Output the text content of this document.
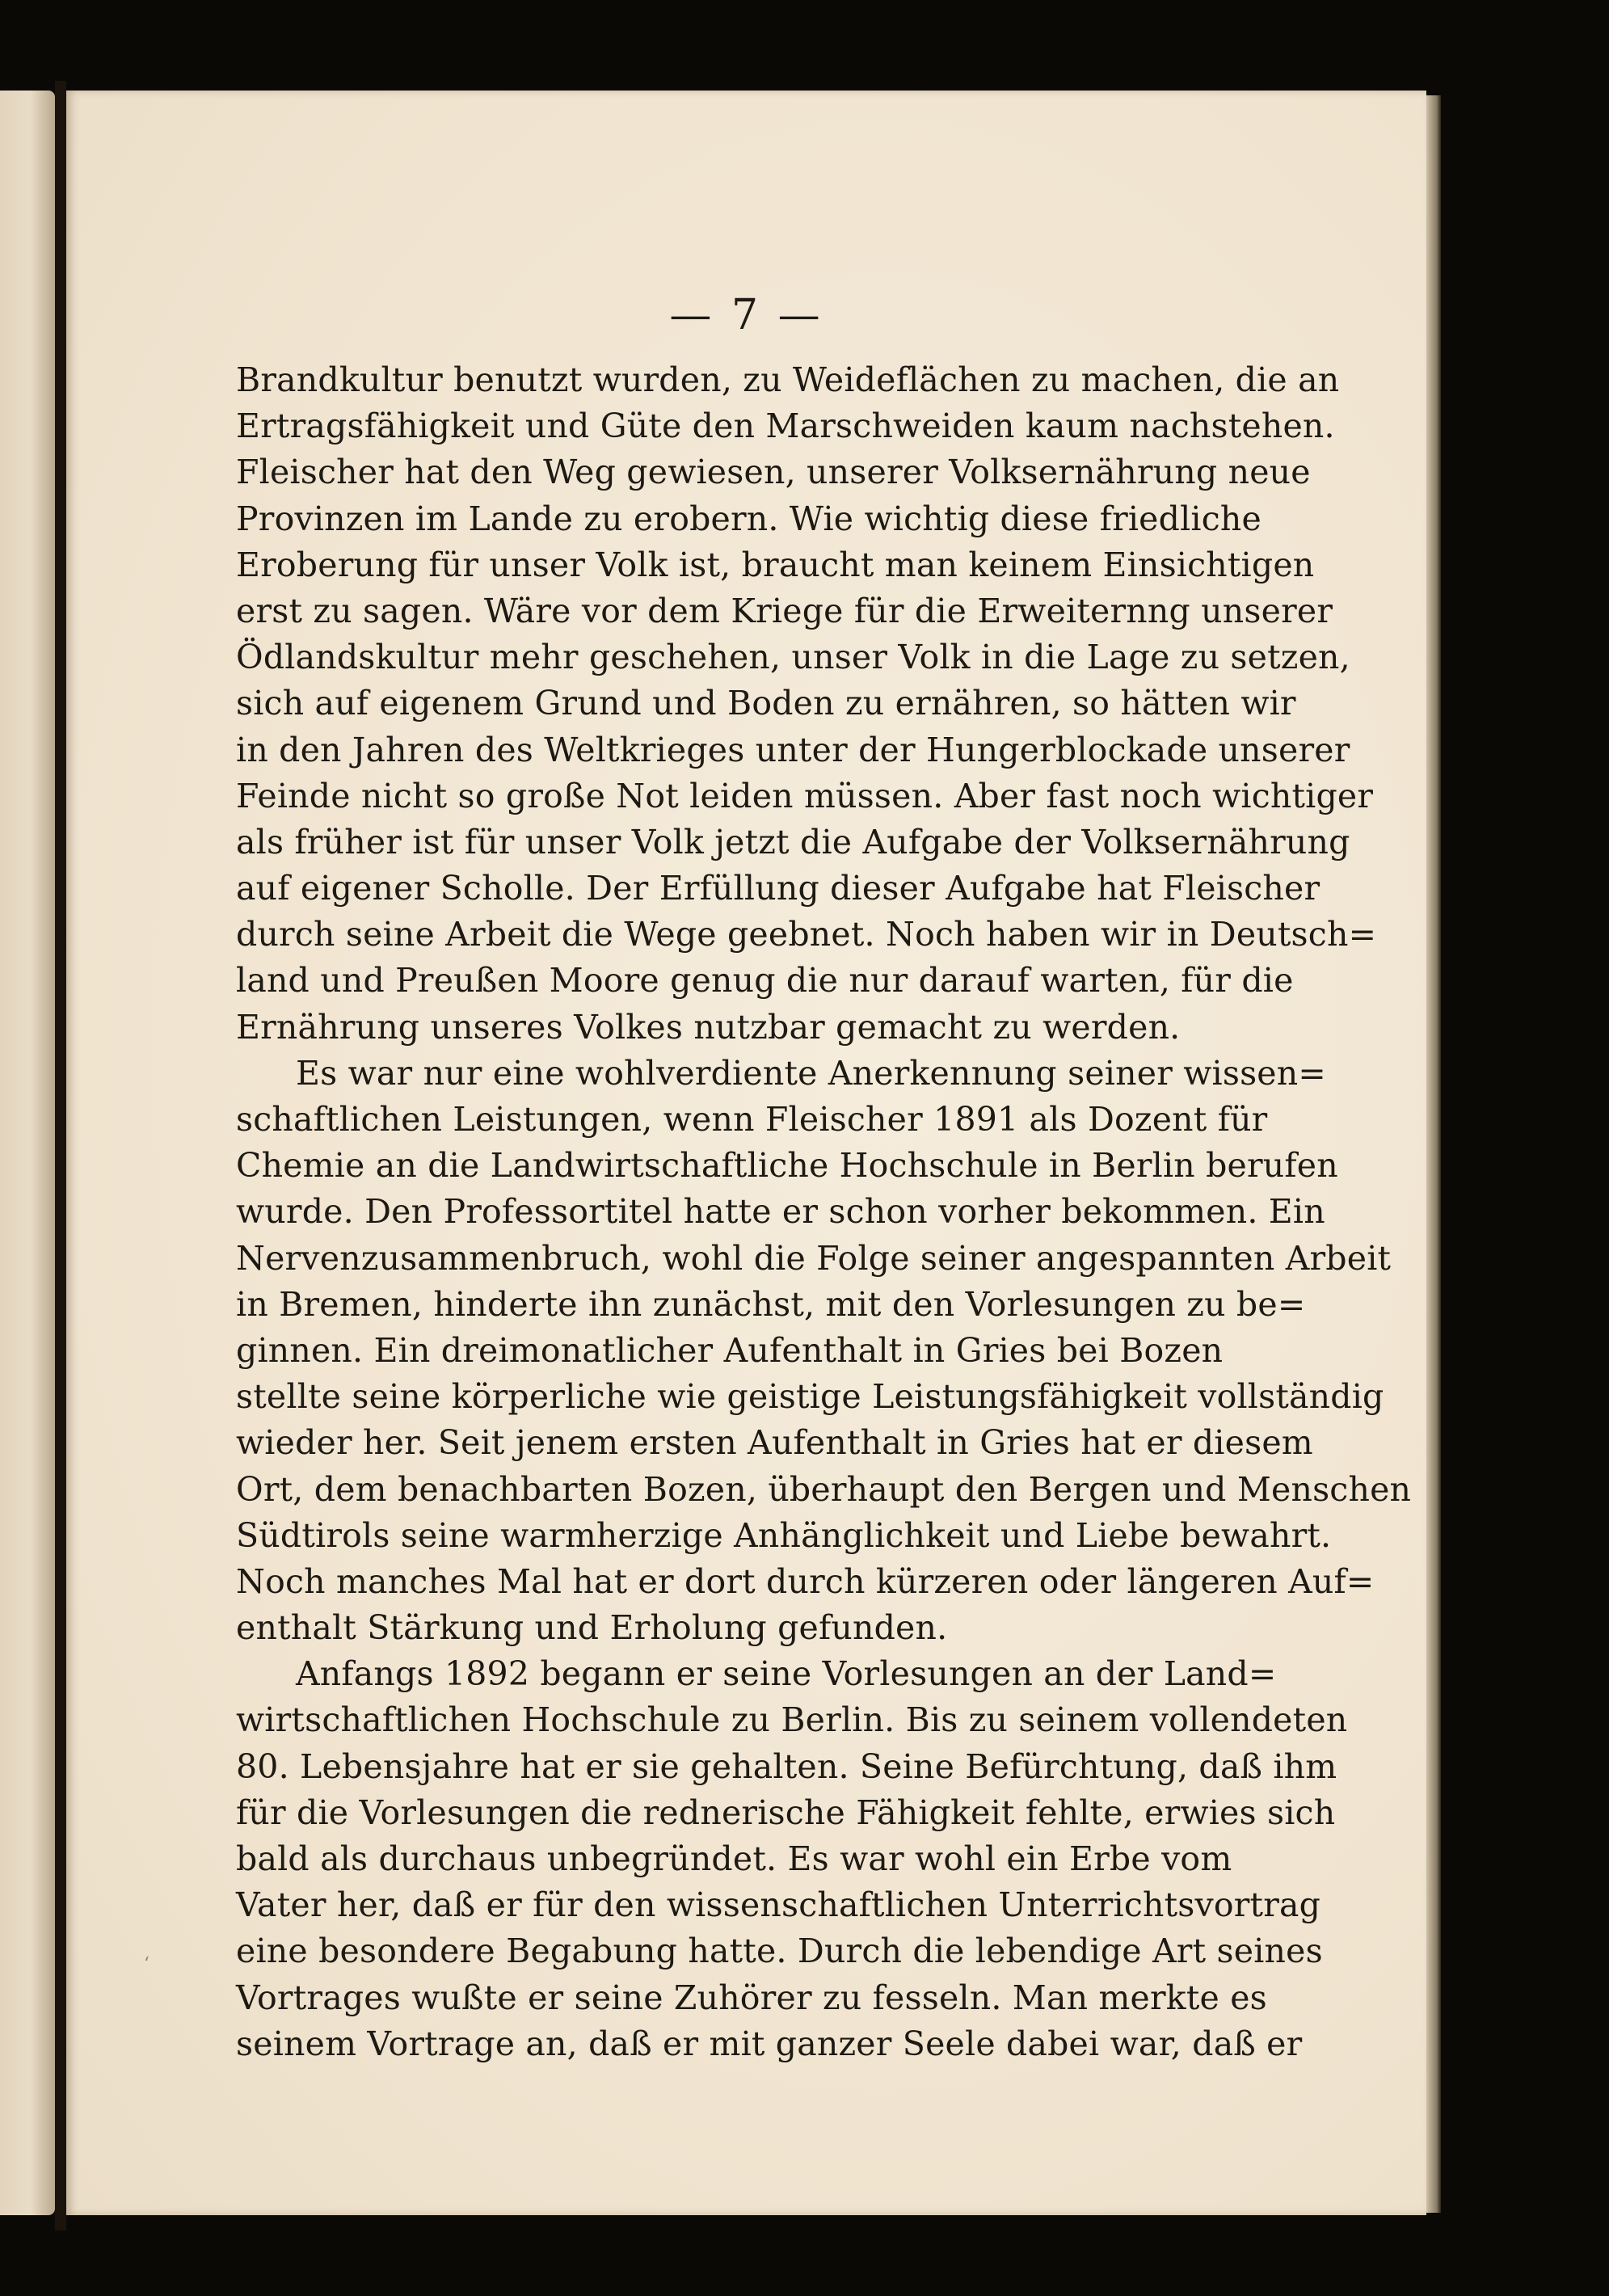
— 7 —
Brandkultur benutzt wurden, zu Weideflächen zu machen, die an
Ertragsfähigkeit und Güte den Marschweiden kaum nachstehen.
Fleischer hat den Weg gewiesen, unserer Volksernährung neue
Provinzen im Lande zu erobern. Wie wichtig diese friedliche
Eroberung für unser Volk ist, braucht man keinem Einsichtigen
erst zu sagen. Wäre vor dem Kriege für die Erweiternng unserer
Ödlandskultur mehr geschehen, unser Volk in die Lage zu setzen,
sich auf eigenem Grund und Boden zu ernähren, so hätten wir
in den Jahren des Weltkrieges unter der Hungerblockade unserer
Feinde nicht so große Not leiden müssen. Aber fast noch wichtiger
als früher ist für unser Volk jetzt die Aufgabe der Volksernährung
auf eigener Scholle. Der Erfüllung dieser Aufgabe hat Fleischer
durch seine Arbeit die Wege geebnet. Noch haben wir in Deutsch=
land und Preußen Moore genug die nur darauf warten, für die
Ernährung unseres Volkes nutzbar gemacht zu werden.
Es war nur eine wohlverdiente Anerkennung seiner wissen=
schaftlichen Leistungen, wenn Fleischer 1891 als Dozent für
Chemie an die Landwirtschaftliche Hochschule in Berlin berufen
wurde. Den Professortitel hatte er schon vorher bekommen. Ein
Nervenzusammenbruch, wohl die Folge seiner angespannten Arbeit
in Bremen, hinderte ihn zunächst, mit den Vorlesungen zu be=
ginnen. Ein dreimonatlicher Aufenthalt in Gries bei Bozen
stellte seine körperliche wie geistige Leistungsfähigkeit vollständig
wieder her. Seit jenem ersten Aufenthalt in Gries hat er diesem
Ort, dem benachbarten Bozen, überhaupt den Bergen und Menschen
Südtirols seine warmherzige Anhänglichkeit und Liebe bewahrt.
Noch manches Mal hat er dort durch kürzeren oder längeren Auf=
enthalt Stärkung und Erholung gefunden.
Anfangs 1892 begann er seine Vorlesungen an der Land=
wirtschaftlichen Hochschule zu Berlin. Bis zu seinem vollendeten
80. Lebensjahre hat er sie gehalten. Seine Befürchtung, daß ihm
für die Vorlesungen die rednerische Fähigkeit fehlte, erwies sich
bald als durchaus unbegründet. Es war wohl ein Erbe vom
Vater her, daß er für den wissenschaftlichen Unterrichtsvortrag
eine besondere Begabung hatte. Durch die lebendige Art seines
Vortrages wußte er seine Zuhörer zu fesseln. Man merkte es
seinem Vortrage an, daß er mit ganzer Seele dabei war, daß er
ʻ
